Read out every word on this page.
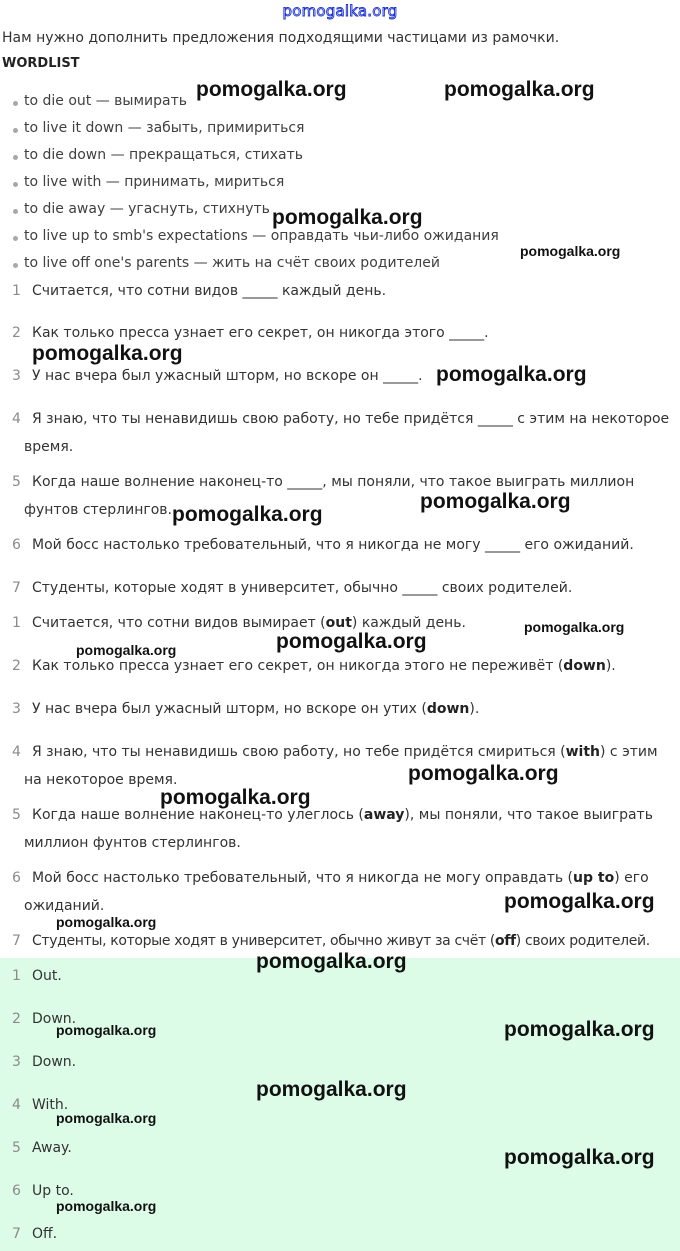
pomogalka.org
Нам нужно дополнить предложения подходящими частицами из рамочки.
WORDLIST
to die out — вымирать
to live it down — забыть, примириться
to die down — прекращаться, стихать
to live with — принимать, мириться
to die away — угаснуть, стихнуть
to live up to smb's expectations — оправдать чьи-либо ожидания
to live off one's parents — жить на счёт своих родителей
1 Считается, что сотни видов _____ каждый день.
2 Как только пресса узнает его секрет, он никогда этого _____.
3 У нас вчера был ужасный шторм, но вскоре он _____.
4 Я знаю, что ты ненавидишь свою работу, но тебе придётся _____ с этим на некоторое
время.
5 Когда наше волнение наконец-то _____, мы поняли, что такое выиграть миллион
фунтов стерлингов.
6 Мой босс настолько требовательный, что я никогда не могу _____ его ожиданий.
7 Студенты, которые ходят в университет, обычно _____ своих родителей.
1 Считается, что сотни видов вымирает (out) каждый день.
2 Как только пресса узнает его секрет, он никогда этого не переживёт (down).
3 У нас вчера был ужасный шторм, но вскоре он утих (down).
4 Я знаю, что ты ненавидишь свою работу, но тебе придётся смириться (with) с этим
на некоторое время.
5 Когда наше волнение наконец-то улеглось (away), мы поняли, что такое выиграть
миллион фунтов стерлингов.
6 Мой босс настолько требовательный, что я никогда не могу оправдать (up to) его
ожиданий.
7 Студенты, которые ходят в университет, обычно живут за счёт (off) своих родителей.
1 Out.
2 Down.
3 Down.
4 With.
5 Away.
6 Up to.
7 Off.
pomogalka.org	pomogalka.org
pomogalka.org
pomogalka.org
pomogalka.org
pomogalka.org
pomogalka.org
pomogalka.org
pomogalka.org
pomogalka.org
pomogalka.org
pomogalka.org
pomogalka.org
pomogalka.org
pomogalka.org
pomogalka.org
pomogalka.org
pomogalka.org
pomogalka.org
pomogalka.org
pomogalka.org
pomogalka.org
